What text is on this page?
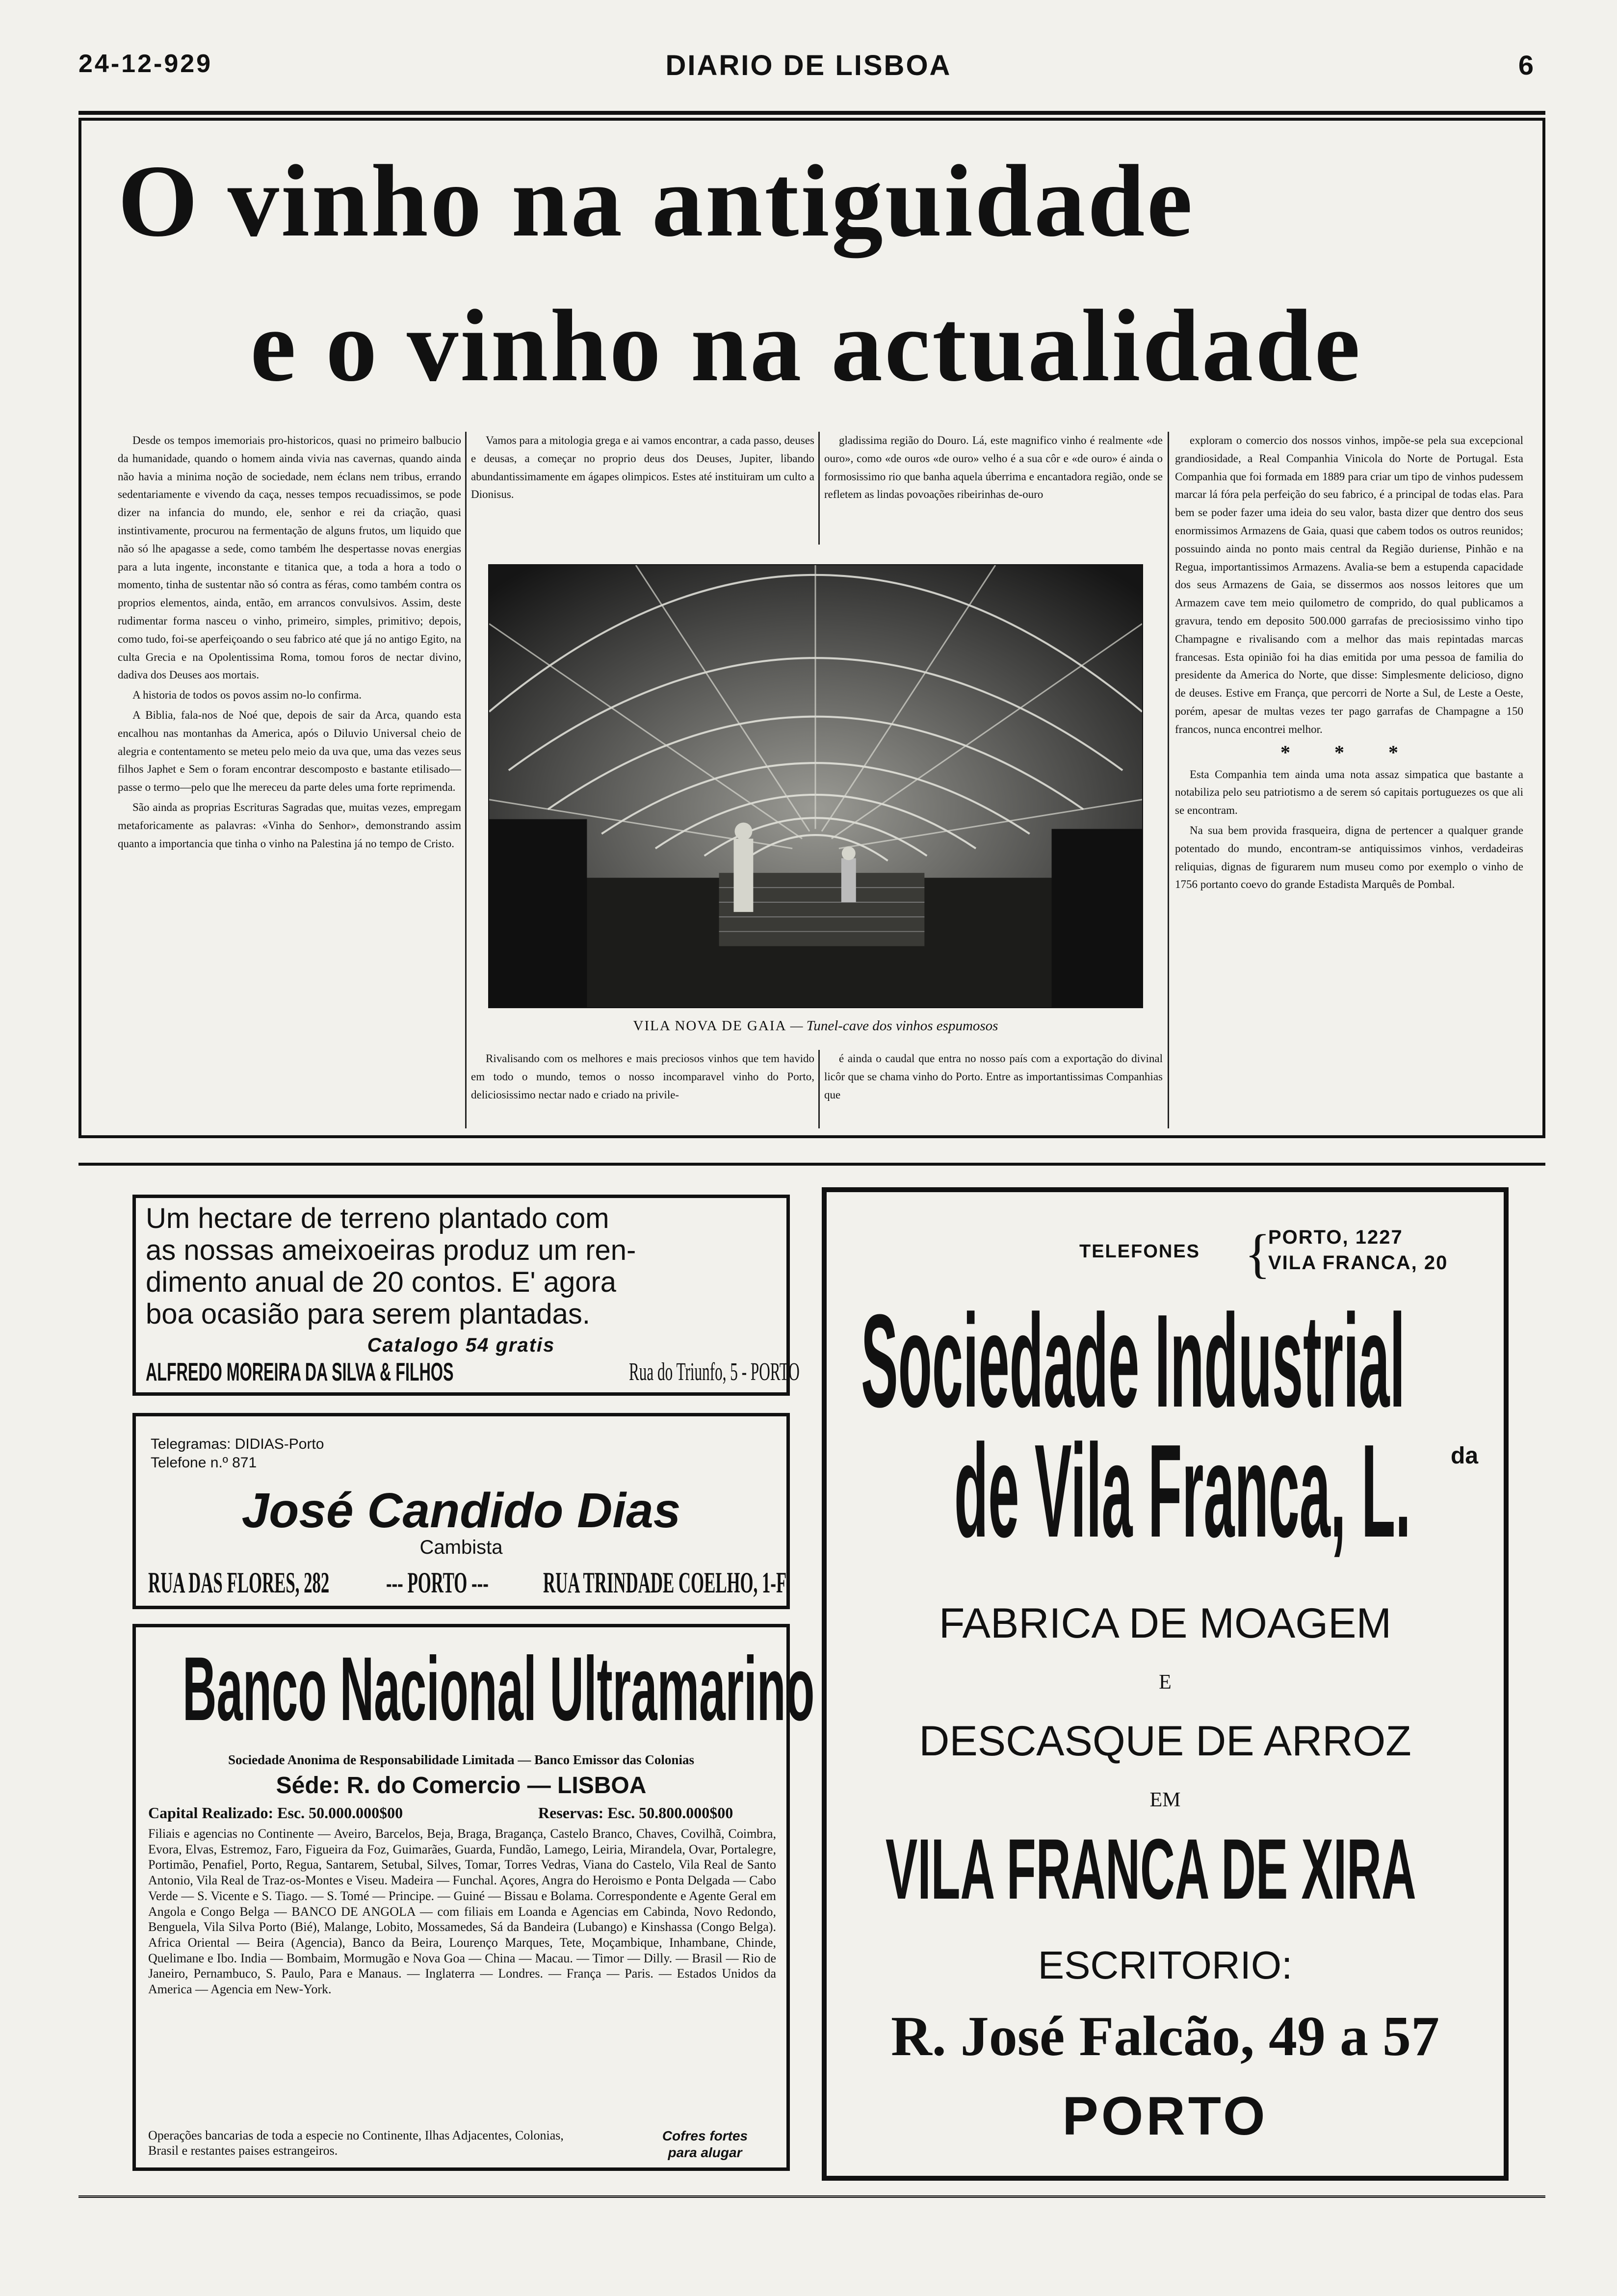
24-12-929	DIARIO DE LISBOA	6
O vinho na antiguidade
e o vinho na actualidade

Desde os tempos imemoriais pro-historicos, quasi no primeiro balbucio da humanidade, quando o homem ainda vivia nas cavernas, quando ainda não havia a minima noção de sociedade, nem éclans nem tribus, errando sedentariamente e vivendo da caça, nesses tempos recuadissimos, se pode dizer na infancia do mundo, ele, senhor e rei da criação, quasi instintivamente, procurou na fermentação de alguns frutos, um liquido que não só lhe apagasse a sede, como também lhe despertasse novas energias para a luta ingente, inconstante e titanica que, a toda a hora a todo o momento, tinha de sustentar não só contra as féras, como também contra os proprios elementos, ainda, então, em arrancos convulsivos. Assim, deste rudimentar forma nasceu o vinho, primeiro, simples, primitivo; depois, como tudo, foi-se aperfeiçoando o seu fabrico até que já no antigo Egito, na culta Grecia e na Opolentissima Roma, tomou foros de nectar divino, dadiva dos Deuses aos mortais.

A historia de todos os povos assim no-lo confirma.

A Biblia, fala-nos de Noé que, depois de sair da Arca, quando esta encalhou nas montanhas da America, após o Diluvio Universal cheio de alegria e contentamento se meteu pelo meio da uva que, uma das vezes seus filhos Japhet e Sem o foram encontrar descomposto e bastante etilisado—passe o termo—pelo que lhe mereceu da parte deles uma forte reprimenda.

São ainda as proprias Escrituras Sagradas que, muitas vezes, empregam metaforicamente as palavras: «Vinha do Senhor», demonstrando assim quanto a importancia que tinha o vinho na Palestina já no tempo de Cristo.

Vamos para a mitologia grega e ai vamos encontrar, a cada passo, deuses e deusas, a começar no proprio deus dos Deuses, Jupiter, libando abundantissimamente em ágapes olimpicos. Estes até instituiram um culto a Dionisus.

gladissima região do Douro. Lá, este magnifico vinho é realmente «de ouro», como «de ouros «de ouro» velho é a sua côr e «de ouro» é ainda o formosissimo rio que banha aquela úberrima e encantadora região, onde se refletem as lindas povoações ribeirinhas de-ouro

exploram o comercio dos nossos vinhos, impõe-se pela sua excepcional grandiosidade, a Real Companhia Vinicola do Norte de Portugal. Esta Companhia que foi formada em 1889 para criar um tipo de vinhos pudessem marcar lá fóra pela perfeição do seu fabrico, é a principal de todas elas. Para bem se poder fazer uma ideia do seu valor, basta dizer que dentro dos seus enormissimos Armazens de Gaia, quasi que cabem todos os outros reunidos; possuindo ainda no ponto mais central da Região duriense, Pinhão e na Regua, importantissimos Armazens. Avalia-se bem a estupenda capacidade dos seus Armazens de Gaia, se dissermos aos nossos leitores que um Armazem cave tem meio quilometro de comprido, do qual publicamos a gravura, tendo em deposito 500.000 garrafas de preciosissimo vinho tipo Champagne e rivalisando com a melhor das mais repintadas marcas francesas. Esta opinião foi ha dias emitida por uma pessoa de familia do presidente da America do Norte, que disse: Simplesmente delicioso, digno de deuses. Estive em França, que percorri de Norte a Sul, de Leste a Oeste, porém, apesar de multas vezes ter pago garrafas de Champagne a 150 francos, nunca encontrei melhor.

* * *

Esta Companhia tem ainda uma nota assaz simpatica que bastante a notabiliza pelo seu patriotismo a de serem só capitais portuguezes os que ali se encontram.

Na sua bem provida frasqueira, digna de pertencer a qualquer grande potentado do mundo, encontram-se antiquissimos vinhos, verdadeiras reliquias, dignas de figurarem num museu como por exemplo o vinho de 1756 portanto coevo do grande Estadista Marquês de Pombal.

VILA NOVA DE GAIA — Tunel-cave dos vinhos espumosos

Rivalisando com os melhores e mais preciosos vinhos que tem havido em todo o mundo, temos o nosso incomparavel vinho do Porto, deliciosissimo nectar nado e criado na privile-

é ainda o caudal que entra no nosso país com a exportação do divinal licôr que se chama vinho do Porto. Entre as importantissimas Companhias que

Um hectare de terreno plantado com
as nossas ameixoeiras produz um ren-
dimento anual de 20 contos. E' agora
boa ocasião para serem plantadas.
Catalogo 54 gratis
ALFREDO MOREIRA DA SILVA & FILHOS	Rua do Triunfo, 5 - PORTO
Telegramas: DIDIAS-Porto
Telefone n.º 871
José Candido Dias
Cambista
RUA DAS FLORES, 282 --- PORTO --- RUA TRINDADE COELHO, 1-F
Banco Nacional Ultramarino
Sociedade Anonima de Responsabilidade Limitada — Banco Emissor das Colonias
Séde: R. do Comercio — LISBOA
Capital Realizado: Esc. 50.000.000$00	Reservas: Esc. 50.800.000$00
Filiais e agencias no Continente — Aveiro, Barcelos, Beja, Braga, Bragança, Castelo Branco, Chaves, Covilhã, Coimbra, Evora, Elvas, Estremoz, Faro, Figueira da Foz, Guimarães, Guarda, Fundão, Lamego, Leiria, Mirandela, Ovar, Portalegre, Portimão, Penafiel, Porto, Regua, Santarem, Setubal, Silves, Tomar, Torres Vedras, Viana do Castelo, Vila Real de Santo Antonio, Vila Real de Traz-os-Montes e Viseu. Madeira — Funchal. Açores, Angra do Heroismo e Ponta Delgada — Cabo Verde — S. Vicente e S. Tiago. — S. Tomé — Principe. — Guiné — Bissau e Bolama. Correspondente e Agente Geral em Angola e Congo Belga — BANCO DE ANGOLA — com filiais em Loanda e Agencias em Cabinda, Novo Redondo, Benguela, Vila Silva Porto (Bié), Malange, Lobito, Mossamedes, Sá da Bandeira (Lubango) e Kinshassa (Congo Belga). Africa Oriental — Beira (Agencia), Banco da Beira, Lourenço Marques, Tete, Moçambique, Inhambane, Chinde, Quelimane e Ibo. India — Bombaim, Mormugão e Nova Goa — China — Macau. — Timor — Dilly. — Brasil — Rio de Janeiro, Pernambuco, S. Paulo, Para e Manaus. — Inglaterra — Londres. — França — Paris. — Estados Unidos da America — Agencia em New-York.
Operações bancarias de toda a especie no Continente, Ilhas Adjacentes, Colonias, Brasil e restantes paises estrangeiros.
Cofres fortes para alugar
TELEFONES {
PORTO, 1227
VILA FRANCA, 20
Sociedade Industrial
de Vila Franca, L. da
FABRICA DE MOAGEM
E
DESCASQUE DE ARROZ
EM
VILA FRANCA DE XIRA
ESCRITORIO:
R. José Falcão, 49 a 57
PORTO
